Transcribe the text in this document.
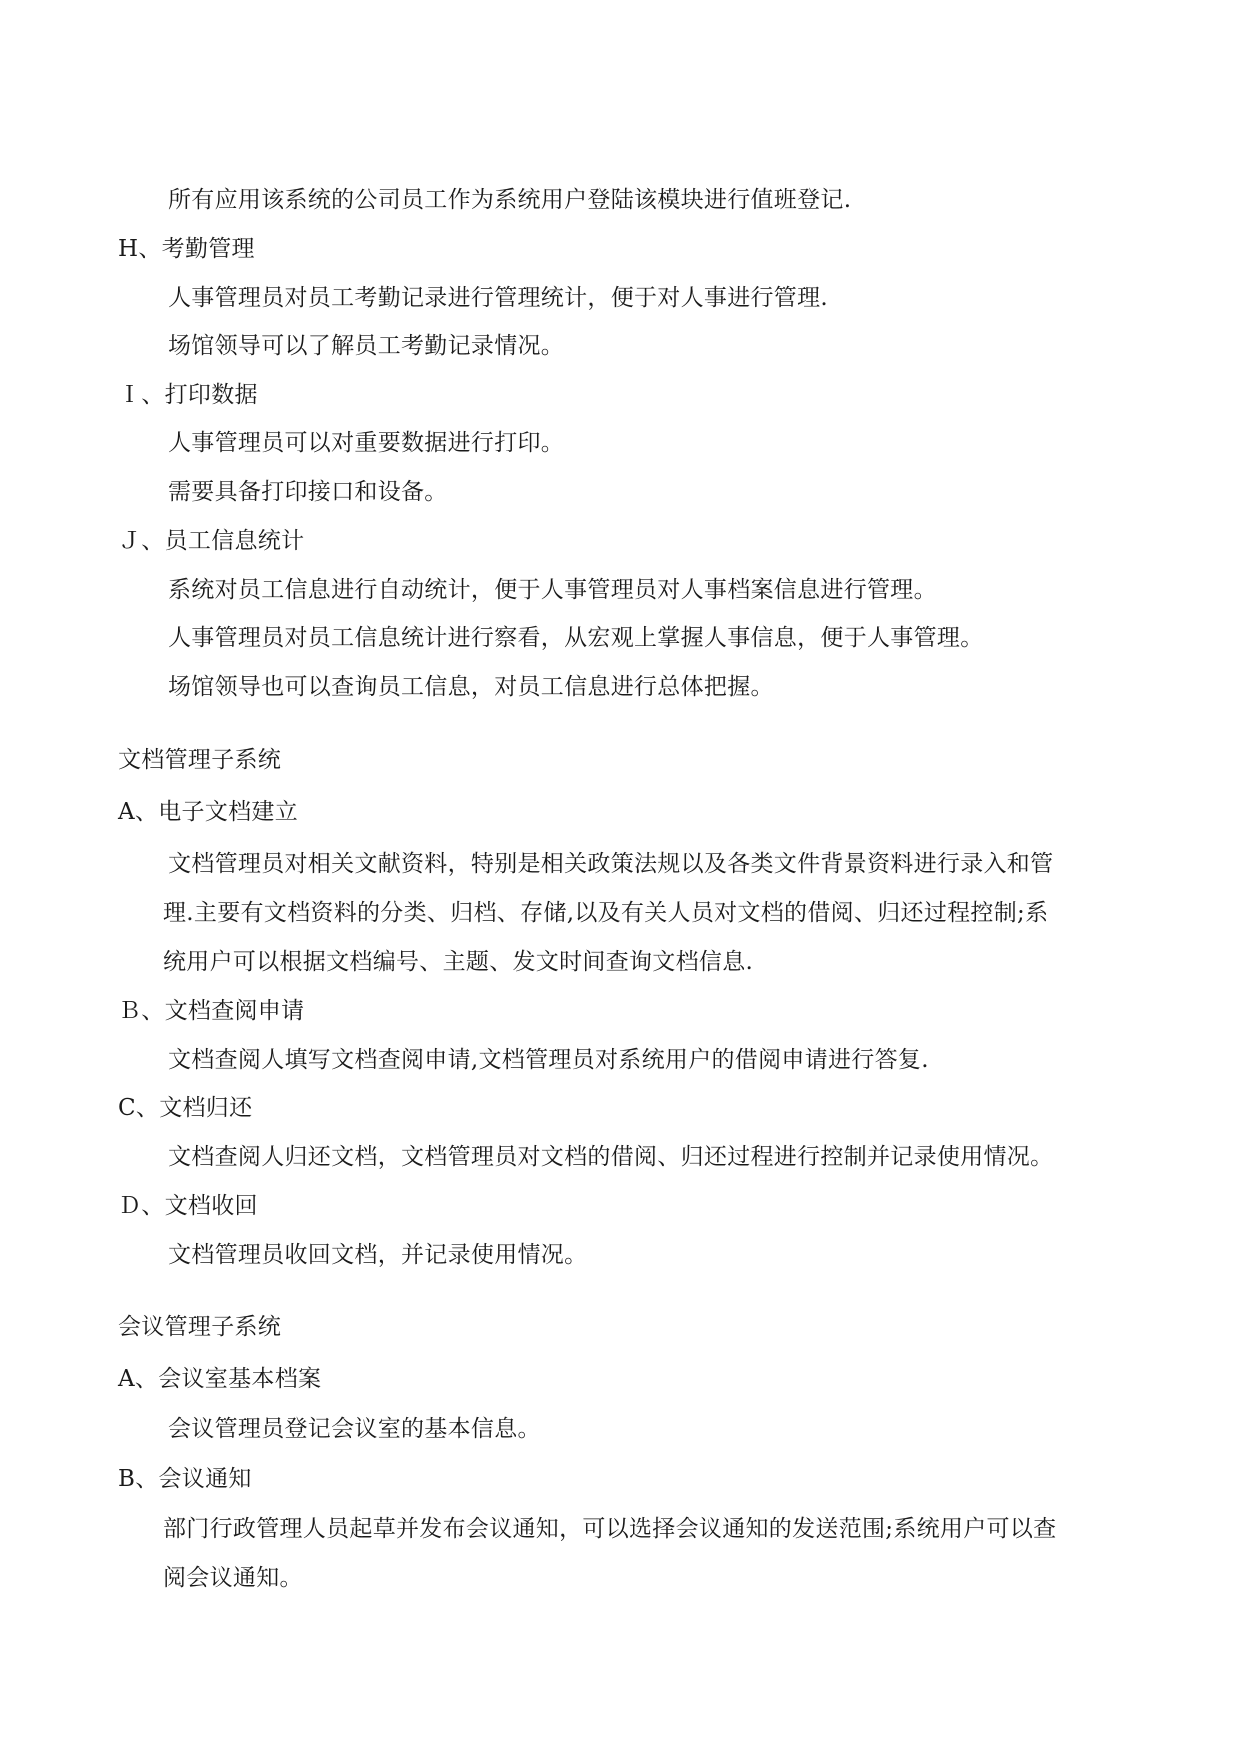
所有应用该系统的公司员工作为系统用户登陆该模块进行值班登记.
H、考勤管理
人事管理员对员工考勤记录进行管理统计，便于对人事进行管理.
场馆领导可以了解员工考勤记录情况。
Ｉ、打印数据
人事管理员可以对重要数据进行打印。
需要具备打印接口和设备。
Ｊ、员工信息统计
系统对员工信息进行自动统计，便于人事管理员对人事档案信息进行管理。
人事管理员对员工信息统计进行察看，从宏观上掌握人事信息，便于人事管理。
场馆领导也可以查询员工信息，对员工信息进行总体把握。
文档管理子系统
A、电子文档建立
文档管理员对相关文献资料，特别是相关政策法规以及各类文件背景资料进行录入和管
理.主要有文档资料的分类、归档、存储,以及有关人员对文档的借阅、归还过程控制;系
统用户可以根据文档编号、主题、发文时间查询文档信息.
Ｂ、文档查阅申请
文档查阅人填写文档查阅申请,文档管理员对系统用户的借阅申请进行答复.
C、文档归还
文档查阅人归还文档，文档管理员对文档的借阅、归还过程进行控制并记录使用情况。
Ｄ、文档收回
文档管理员收回文档，并记录使用情况。
会议管理子系统
A、会议室基本档案
会议管理员登记会议室的基本信息。
B、会议通知
部门行政管理人员起草并发布会议通知，可以选择会议通知的发送范围;系统用户可以查
阅会议通知。
